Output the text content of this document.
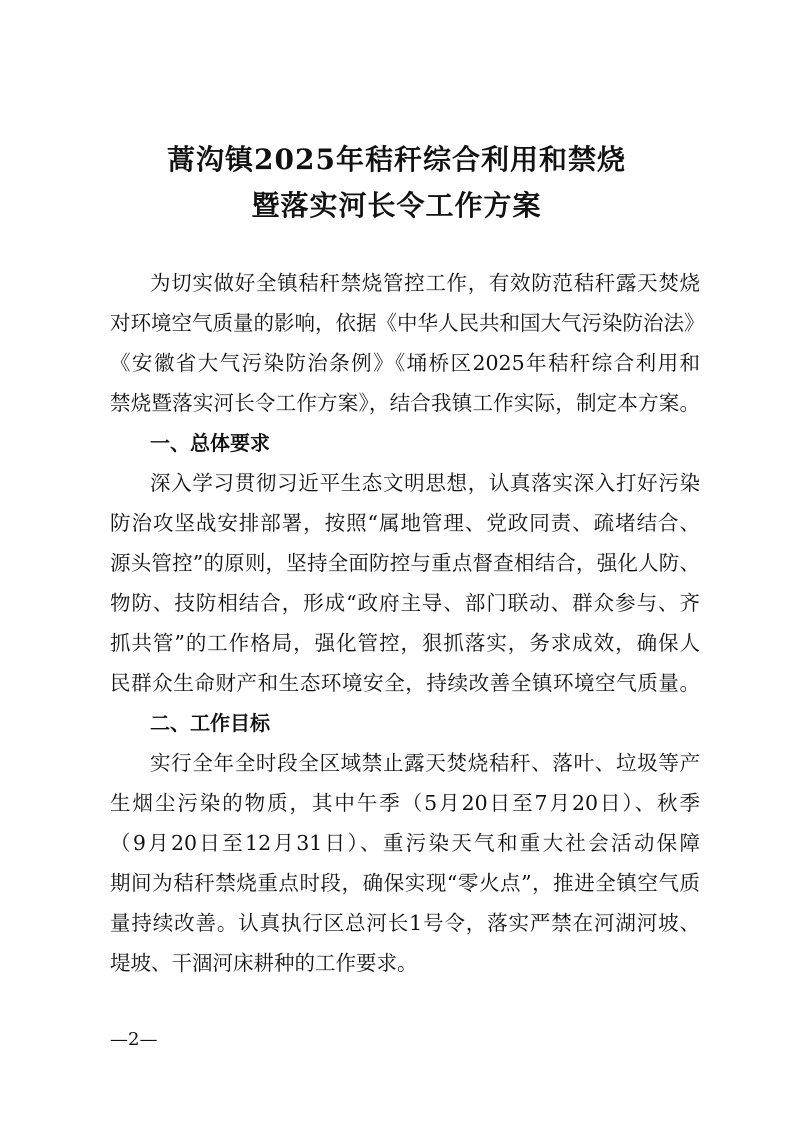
蒿沟镇2025年秸秆综合利用和禁烧
暨落实河长令工作方案
为切实做好全镇秸秆禁烧管控工作，有效防范秸秆露天焚烧
对环境空气质量的影响，依据《中华人民共和国大气污染防治法》
《安徽省大气污染防治条例》《埇桥区2025年秸秆综合利用和
禁烧暨落实河长令工作方案》，结合我镇工作实际，制定本方案。
一、总体要求
深入学习贯彻习近平生态文明思想，认真落实深入打好污染
防治攻坚战安排部署，按照“属地管理、党政同责、疏堵结合、
源头管控”的原则，坚持全面防控与重点督查相结合，强化人防、
物防、技防相结合，形成“政府主导、部门联动、群众参与、齐
抓共管”的工作格局，强化管控，狠抓落实，务求成效，确保人
民群众生命财产和生态环境安全，持续改善全镇环境空气质量。
二、工作目标
实行全年全时段全区域禁止露天焚烧秸秆、落叶、垃圾等产
生烟尘污染的物质，其中午季（5月20日至7月20日）、秋季
（9月20日至12月31日）、重污染天气和重大社会活动保障
期间为秸秆禁烧重点时段，确保实现“零火点”，推进全镇空气质
量持续改善。认真执行区总河长1号令，落实严禁在河湖河坡、
堤坡、干涸河床耕种的工作要求。
—2—
